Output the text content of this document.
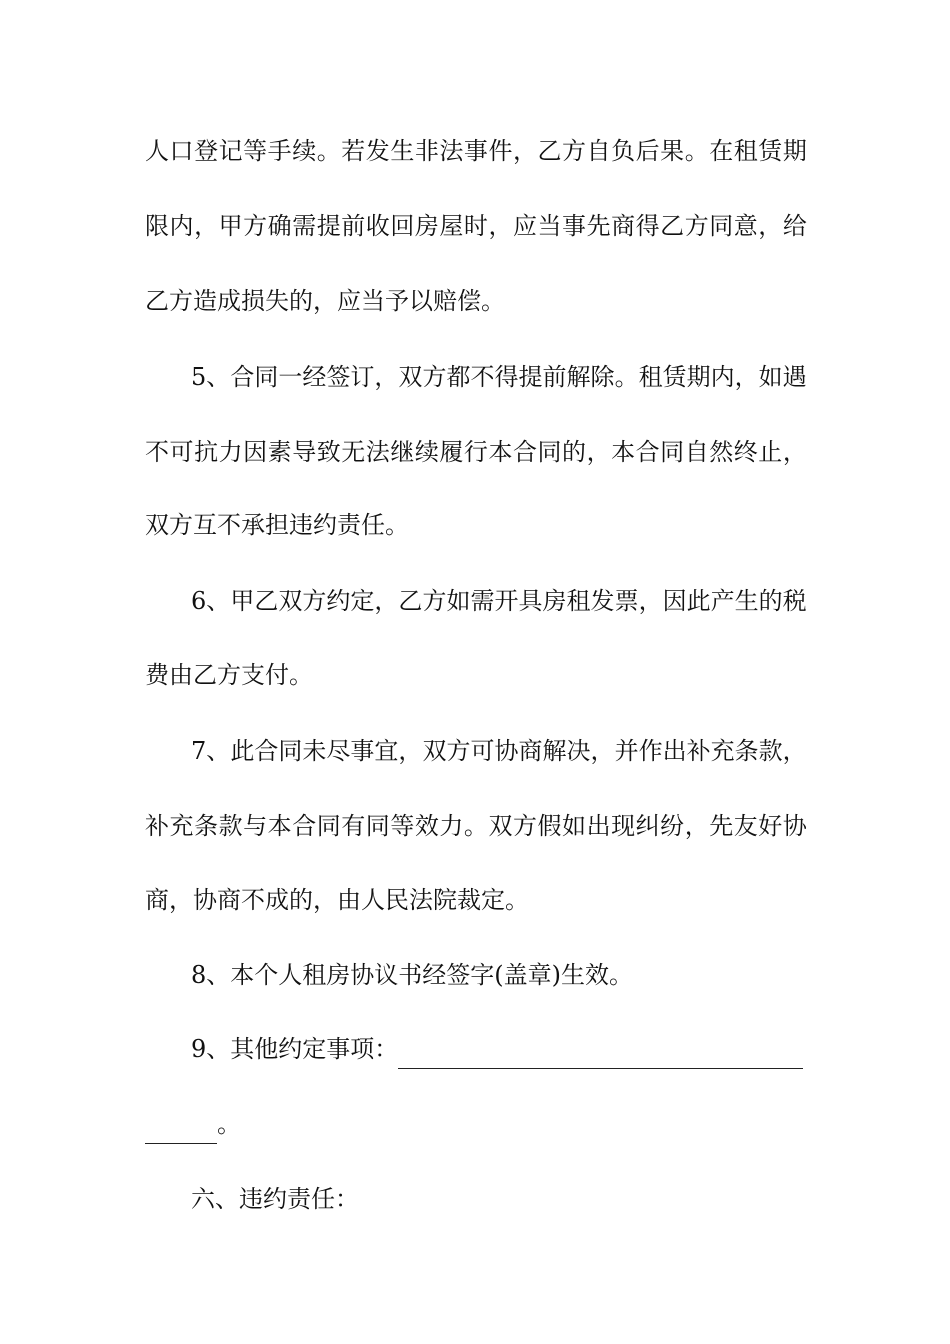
人 口 登 记 等 手 续 。 若 发 生 非 法 事 件 ， 乙 方 自 负 后 果 。 在 租 赁 期
限 内 ， 甲 方 确 需 提 前 收 回 房 屋 时 ， 应 当 事 先 商 得 乙 方 同 意 ， 给
乙方造成损失的，应当予以赔偿。
5 、 合 同 一 经 签 订 ， 双 方 都 不 得 提 前 解 除 。 租 赁 期 内 ， 如 遇
不 可 抗 力 因 素 导 致 无 法 继 续 履 行 本 合 同 的 ， 本 合 同 自 然 终 止 ，
双方互不承担违约责任。
6 、 甲 乙 双 方 约 定 ， 乙 方 如 需 开 具 房 租 发 票 ， 因 此 产 生 的 税
费由乙方支付。
7 、 此 合 同 未 尽 事 宜 ， 双 方 可 协 商 解 决 ， 并 作 出 补 充 条 款 ，
补 充 条 款 与 本 合 同 有 同 等 效 力 。 双 方 假 如 出 现 纠 纷 ， 先 友 好 协
商，协商不成的，由人民法院裁定。
8、本个人租房协议书经签字(盖章)生效。
9、其他约定事项：
。
六、违约责任：
